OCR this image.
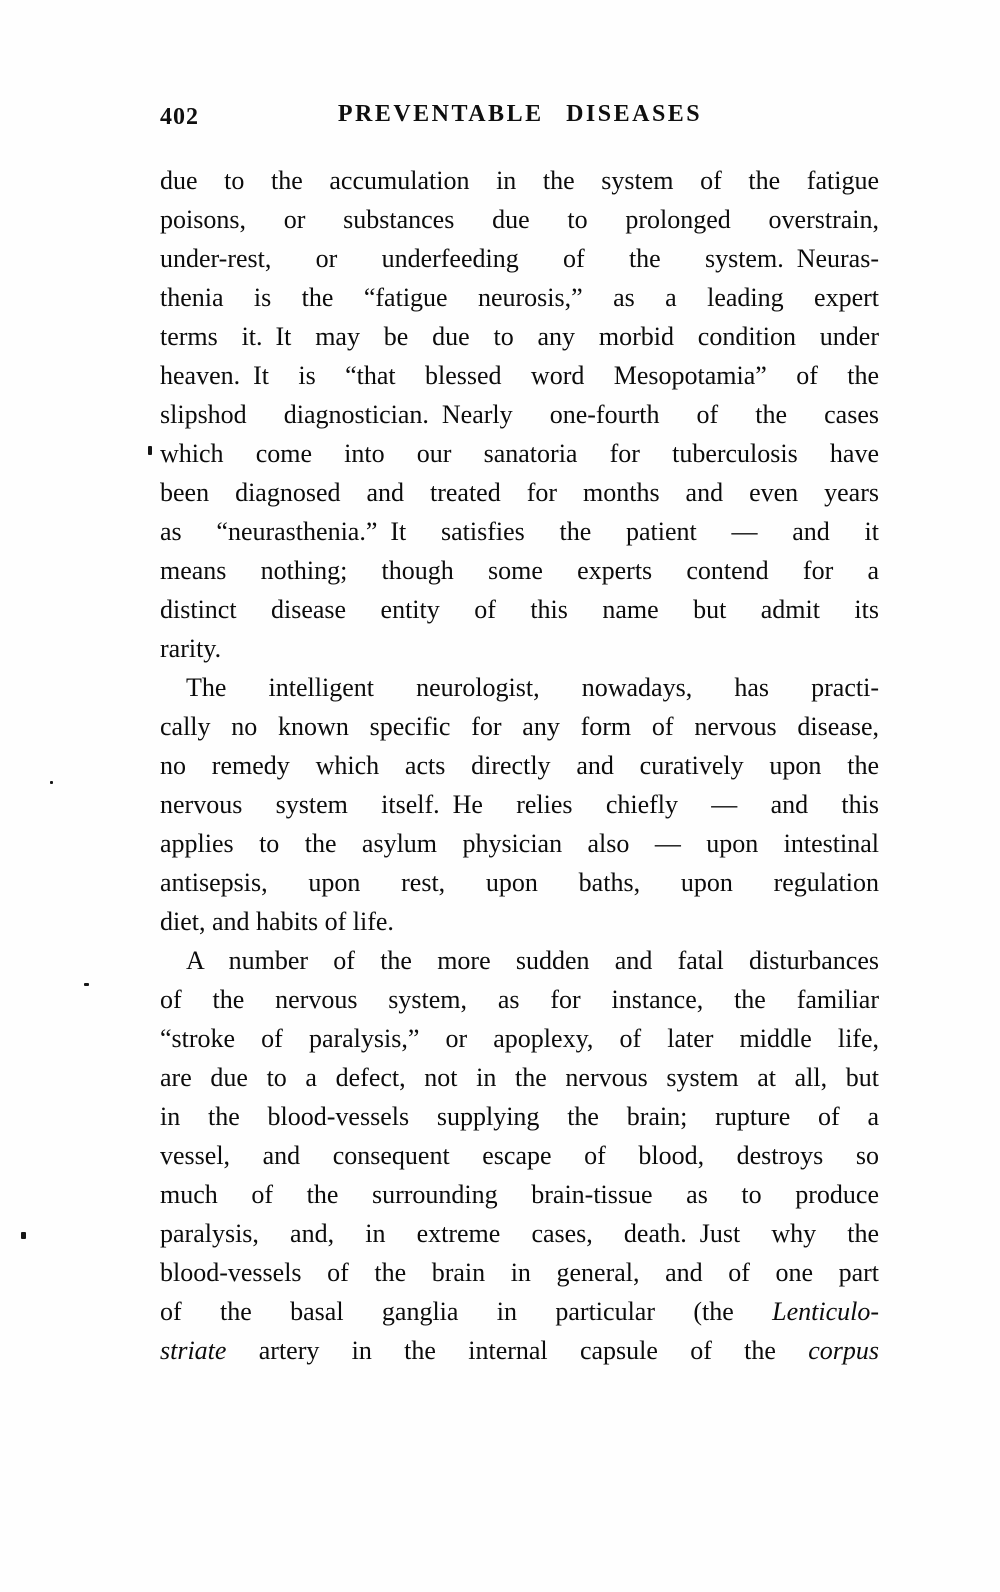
402	PREVENTABLE DISEASES
due to the accumulation in the system of the fatigue
poisons, or substances due to prolonged overstrain,
under-rest, or underfeeding of the system. Neuras-
thenia is the “fatigue neurosis,” as a leading expert
terms it. It may be due to any morbid condition under
heaven. It is “that blessed word Mesopotamia” of the
slipshod diagnostician. Nearly one-fourth of the cases
which come into our sanatoria for tuberculosis have
been diagnosed and treated for months and even years
as “neurasthenia.” It satisfies the patient — and it
means nothing; though some experts contend for a
distinct disease entity of this name but admit its
rarity.
The intelligent neurologist, nowadays, has practi-
cally no known specific for any form of nervous disease,
no remedy which acts directly and curatively upon the
nervous system itself. He relies chiefly — and this
applies to the asylum physician also — upon intestinal
antisepsis, upon rest, upon baths, upon regulation
diet, and habits of life.
A number of the more sudden and fatal disturbances
of the nervous system, as for instance, the familiar
“stroke of paralysis,” or apoplexy, of later middle life,
are due to a defect, not in the nervous system at all, but
in the blood-vessels supplying the brain; rupture of a
vessel, and consequent escape of blood, destroys so
much of the surrounding brain-tissue as to produce
paralysis, and, in extreme cases, death. Just why the
blood-vessels of the brain in general, and of one part
of the basal ganglia in particular (the Lenticulo-
striate artery in the internal capsule of the corpus
